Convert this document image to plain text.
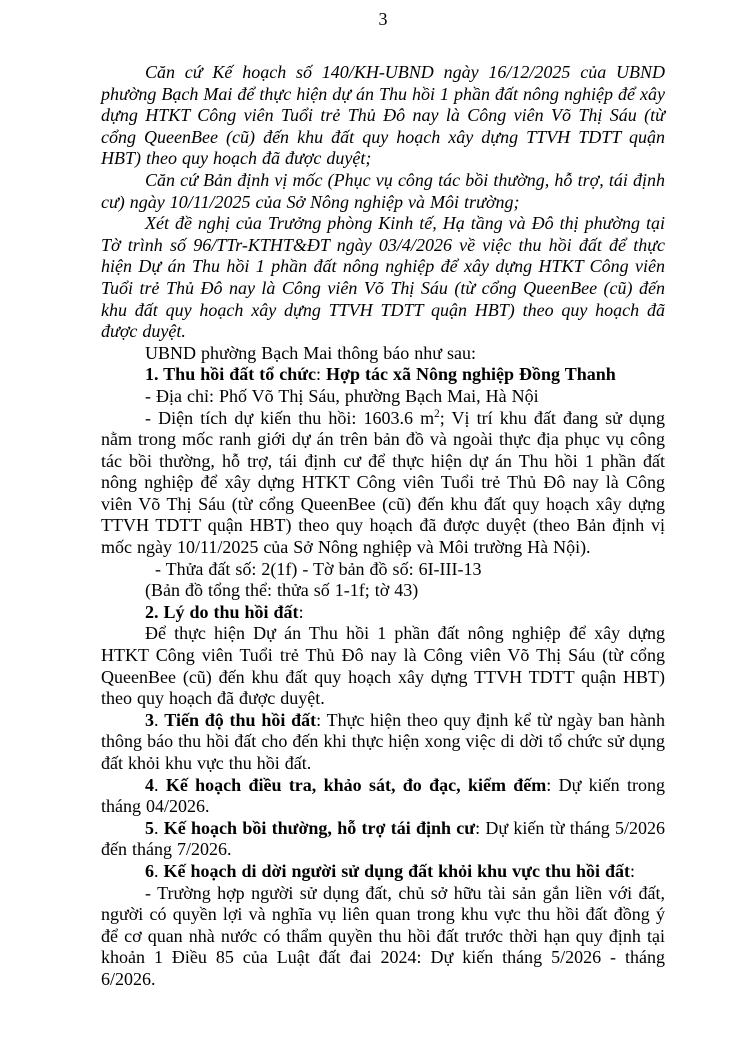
3

Căn cứ Kế hoạch số 140/KH-UBND ngày 16/12/2025 của UBND phường Bạch Mai để thực hiện dự án Thu hồi 1 phần đất nông nghiệp để xây dựng HTKT Công viên Tuổi trẻ Thủ Đô nay là Công viên Võ Thị Sáu (từ cổng QueenBee (cũ) đến khu đất quy hoạch xây dựng TTVH TDTT quận HBT) theo quy hoạch đã được duyệt;

Căn cứ Bản định vị mốc (Phục vụ công tác bồi thường, hỗ trợ, tái định cư) ngày 10/11/2025 của Sở Nông nghiệp và Môi trường;

Xét đề nghị của Trưởng phòng Kinh tế, Hạ tầng và Đô thị phường tại Tờ trình số 96/TTr-KTHT&ĐT ngày 03/4/2026 về việc thu hồi đất để thực hiện Dự án Thu hồi 1 phần đất nông nghiệp để xây dựng HTKT Công viên Tuổi trẻ Thủ Đô nay là Công viên Võ Thị Sáu (từ cổng QueenBee (cũ) đến khu đất quy hoạch xây dựng TTVH TDTT quận HBT) theo quy hoạch đã được duyệt.

UBND phường Bạch Mai thông báo như sau:

1. Thu hồi đất tổ chức: Hợp tác xã Nông nghiệp Đồng Thanh

- Địa chỉ: Phố Võ Thị Sáu, phường Bạch Mai, Hà Nội

- Diện tích dự kiến thu hồi: 1603.6 $m^2$; Vị trí khu đất đang sử dụng nằm trong mốc ranh giới dự án trên bản đồ và ngoài thực địa phục vụ công tác bồi thường, hỗ trợ, tái định cư để thực hiện dự án Thu hồi 1 phần đất nông nghiệp để xây dựng HTKT Công viên Tuổi trẻ Thủ Đô nay là Công viên Võ Thị Sáu (từ cổng QueenBee (cũ) đến khu đất quy hoạch xây dựng TTVH TDTT quận HBT) theo quy hoạch đã được duyệt (theo Bản định vị mốc ngày 10/11/2025 của Sở Nông nghiệp và Môi trường Hà Nội).

- Thửa đất số: 2(1f) - Tờ bản đồ số: 6I-III-13

(Bản đồ tổng thể: thửa số 1-1f; tờ 43)

2. Lý do thu hồi đất:

Để thực hiện Dự án Thu hồi 1 phần đất nông nghiệp để xây dựng HTKT Công viên Tuổi trẻ Thủ Đô nay là Công viên Võ Thị Sáu (từ cổng QueenBee (cũ) đến khu đất quy hoạch xây dựng TTVH TDTT quận HBT) theo quy hoạch đã được duyệt.

3. Tiến độ thu hồi đất: Thực hiện theo quy định kể từ ngày ban hành thông báo thu hồi đất cho đến khi thực hiện xong việc di dời tổ chức sử dụng đất khỏi khu vực thu hồi đất.

4. Kế hoạch điều tra, khảo sát, đo đạc, kiểm đếm: Dự kiến trong tháng 04/2026.

5. Kế hoạch bồi thường, hỗ trợ tái định cư: Dự kiến từ tháng 5/2026 đến tháng 7/2026.

6. Kế hoạch di dời người sử dụng đất khỏi khu vực thu hồi đất:

- Trường hợp người sử dụng đất, chủ sở hữu tài sản gắn liền với đất, người có quyền lợi và nghĩa vụ liên quan trong khu vực thu hồi đất đồng ý để cơ quan nhà nước có thẩm quyền thu hồi đất trước thời hạn quy định tại khoản 1 Điều 85 của Luật đất đai 2024: Dự kiến tháng 5/2026 - tháng 6/2026.
